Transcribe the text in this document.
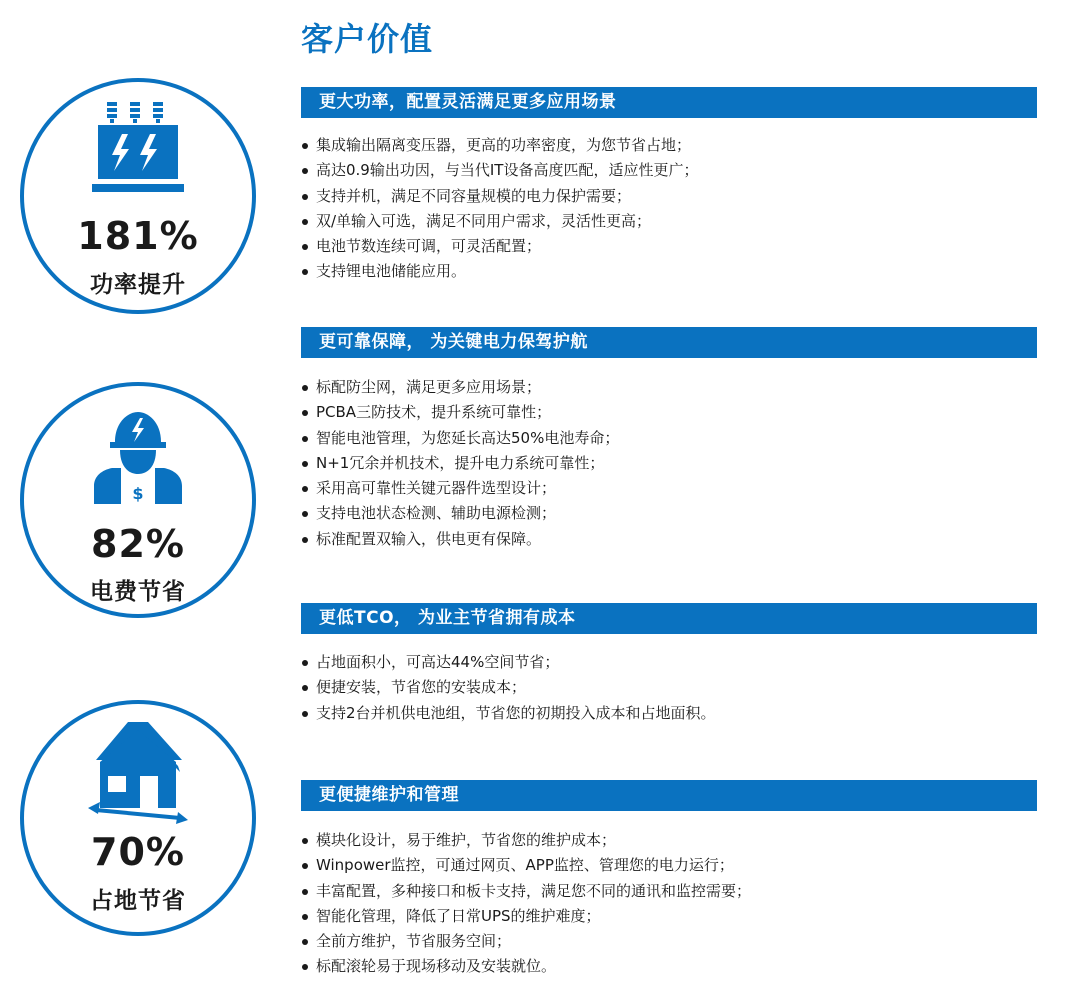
客户价值
181%
功率提升
$
82%
电费节省
70%
占地节省
更大功率，配置灵活满足更多应用场景
集成输出隔离变压器，更高的功率密度，为您节省占地；
高达0.9输出功因，与当代IT设备高度匹配，适应性更广；
支持并机，满足不同容量规模的电力保护需要；
双/单输入可选，满足不同用户需求，灵活性更高；
电池节数连续可调，可灵活配置；
支持锂电池储能应用。
更可靠保障， 为关键电力保驾护航
标配防尘网，满足更多应用场景；
PCBA三防技术，提升系统可靠性；
智能电池管理，为您延长高达50%电池寿命；
N+1冗余并机技术，提升电力系统可靠性；
采用高可靠性关键元器件选型设计；
支持电池状态检测、辅助电源检测；
标准配置双输入，供电更有保障。
更低TCO， 为业主节省拥有成本
占地面积小，可高达44%空间节省；
便捷安装，节省您的安装成本；
支持2台并机供电池组，节省您的初期投入成本和占地面积。
更便捷维护和管理
模块化设计，易于维护，节省您的维护成本；
Winpower监控，可通过网页、APP监控、管理您的电力运行；
丰富配置，多种接口和板卡支持，满足您不同的通讯和监控需要；
智能化管理，降低了日常UPS的维护难度；
全前方维护，节省服务空间；
标配滚轮易于现场移动及安装就位。
